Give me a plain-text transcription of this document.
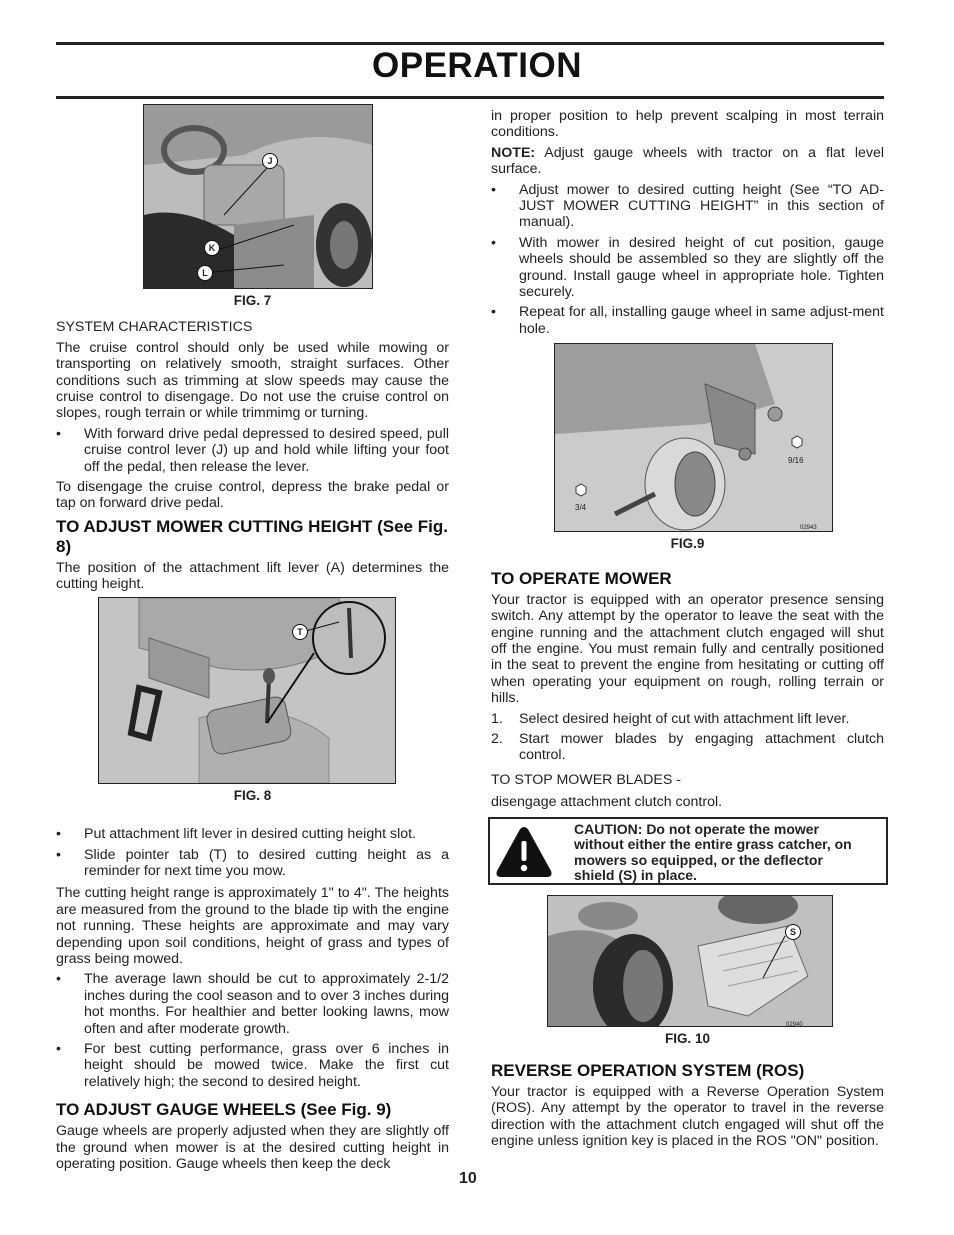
OPERATION
J
K
L
FIG. 7

SYSTEM CHARACTERISTICS

The cruise control should only be used while mowing or transporting on relatively smooth, straight surfaces. Other conditions such as trimming at slow speeds may cause the cruise control to disengage. Do not use the cruise control on slopes, rough terrain or while trimmimg or turning.

• With forward drive pedal depressed to desired speed, pull cruise control lever (J) up and hold while lifting your foot off the pedal, then release the lever.

To disengage the cruise control, depress the brake pedal or tap on forward drive pedal.

TO ADJUST MOWER CUTTING HEIGHT (See Fig. 8)

The position of the attachment lift lever (A) determines the cutting height.

T
FIG. 8
• Put attachment lift lever in desired cutting height slot.
• Slide pointer tab (T) to desired cutting height as a reminder for next time you mow.

The cutting height range is approximately 1" to 4". The heights are measured from the ground to the blade tip with the engine not running. These heights are approximate and may vary depending upon soil conditions, height of grass and types of grass being mowed.

• The average lawn should be cut to approximately 2-1/2 inches during the cool season and to over 3 inches during hot months. For healthier and better looking lawns, mow often and after moderate growth.
• For best cutting performance, grass over 6 inches in height should be mowed twice. Make the first cut relatively high; the second to desired height.
TO ADJUST GAUGE WHEELS (See Fig. 9)

Gauge wheels are properly adjusted when they are slightly off the ground when mower is at the desired cutting height in operating position. Gauge wheels then keep the deck

in proper position to help prevent scalping in most terrain conditions.

NOTE: Adjust gauge wheels with tractor on a flat level surface.

• Adjust mower to desired cutting height (See “TO AD-JUST MOWER CUTTING HEIGHT” in this section of manual).
• With mower in desired height of cut position, gauge wheels should be assembled so they are slightly off the ground. Install gauge wheel in appropriate hole. Tighten securely.
• Repeat for all, installing gauge wheel in same adjust-ment hole.
3/4
9/16
02943
FIG.9
TO OPERATE MOWER

Your tractor is equipped with an operator presence sensing switch. Any attempt by the operator to leave the seat with the engine running and the attachment clutch engaged will shut off the engine. You must remain fully and centrally positioned in the seat to prevent the engine from hesitating or cutting off when operating your equipment on rough, rolling terrain or hills.

1. Select desired height of cut with attachment lift lever.
2. Start mower blades by engaging attachment clutch control.

TO STOP MOWER BLADES -

disengage attachment clutch control.

CAUTION: Do not operate the mower without either the entire grass catcher, on mowers so equipped, or the deflector shield (S) in place.
S
02940
FIG. 10
REVERSE OPERATION SYSTEM (ROS)

Your tractor is equipped with a Reverse Operation System (ROS). Any attempt by the operator to travel in the reverse direction with the attachment clutch engaged will shut off the engine unless ignition key is placed in the ROS "ON" position.

10
